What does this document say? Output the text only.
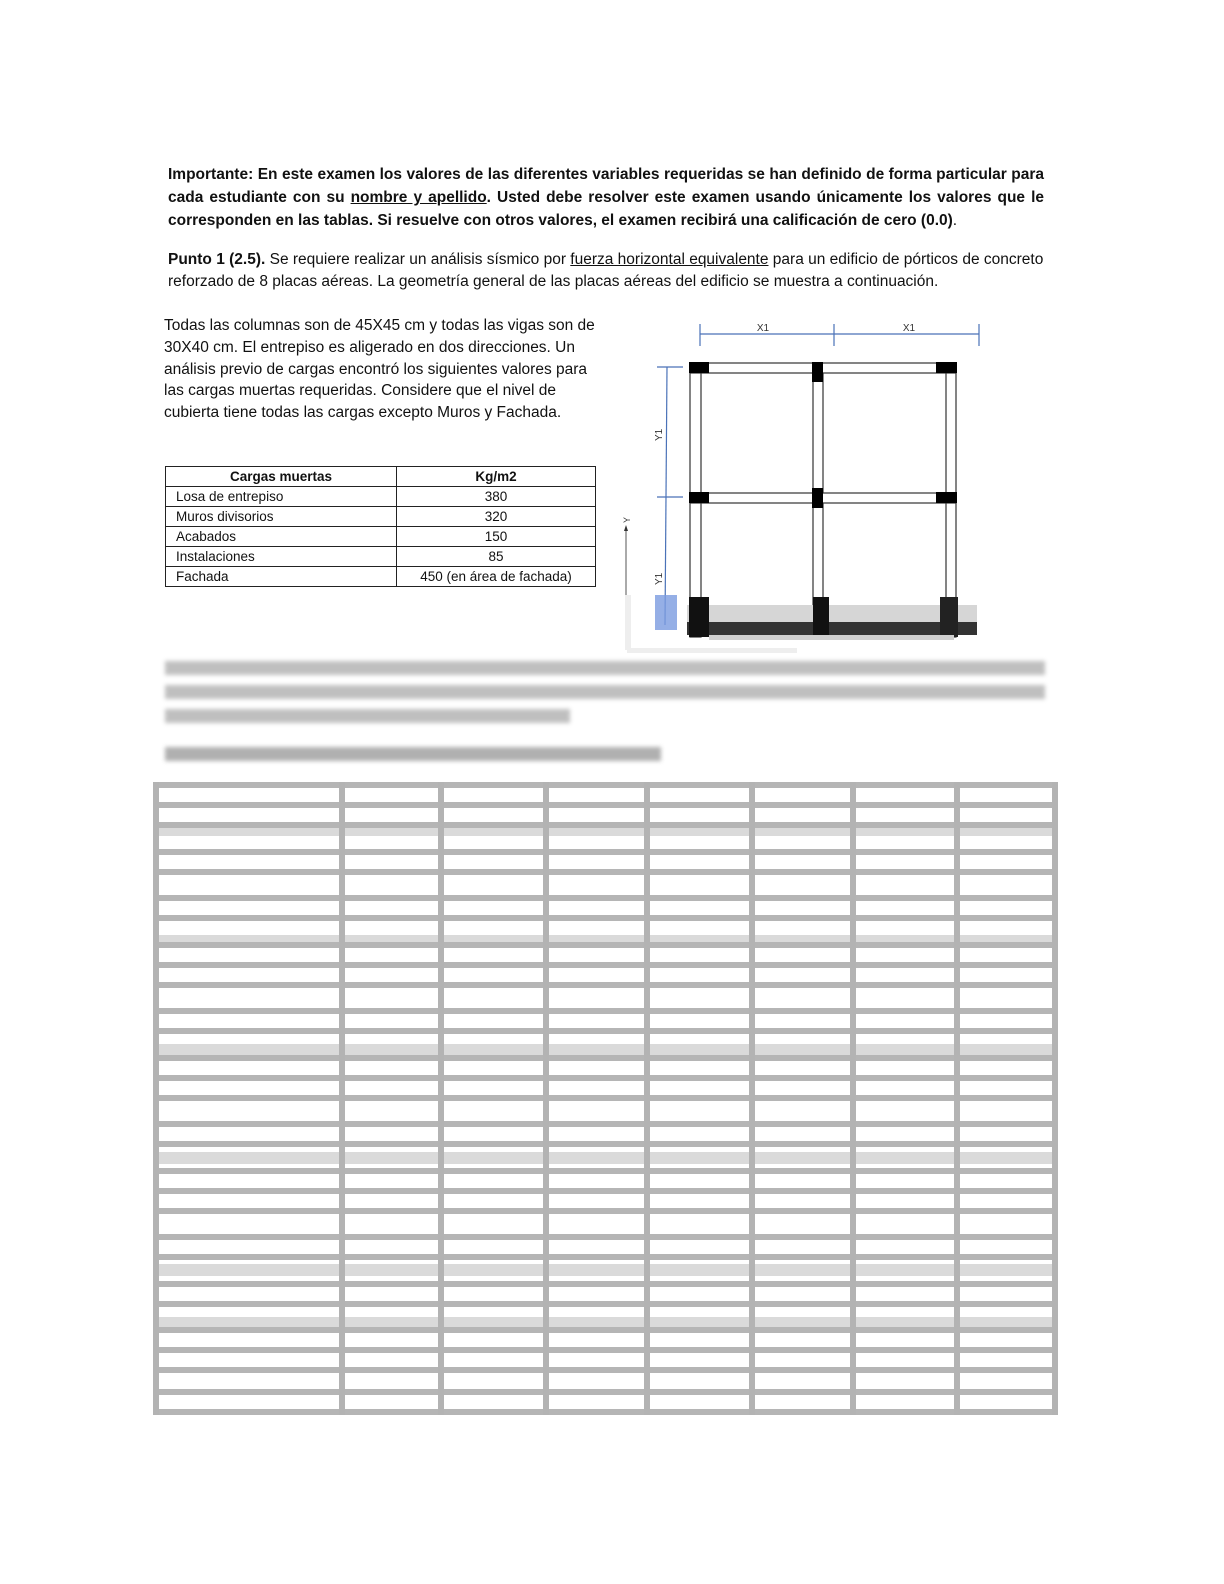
Importante: En este examen los valores de las diferentes variables requeridas se han definido de forma particular para cada estudiante con su nombre y apellido. Usted debe resolver este examen usando únicamente los valores que le corresponden en las tablas. Si resuelve con otros valores, el examen recibirá una calificación de cero (0.0).
Punto 1 (2.5). Se requiere realizar un análisis sísmico por fuerza horizontal equivalente para un edificio de pórticos de concreto reforzado de 8 placas aéreas. La geometría general de las placas aéreas del edificio se muestra a continuación.
Todas las columnas son de 45X45 cm y todas las vigas son de 30X40 cm. El entrepiso es aligerado en dos direcciones. Un análisis previo de cargas encontró los siguientes valores para las cargas muertas requeridas. Considere que el nivel de cubierta tiene todas las cargas excepto Muros y Fachada.
Cargas muertas	Kg/m2
Losa de entrepiso	380
Muros divisorios	320
Acabados	150
Instalaciones	85
Fachada	450 (en área de fachada)
X1	X1
Y1
Y1
Y
